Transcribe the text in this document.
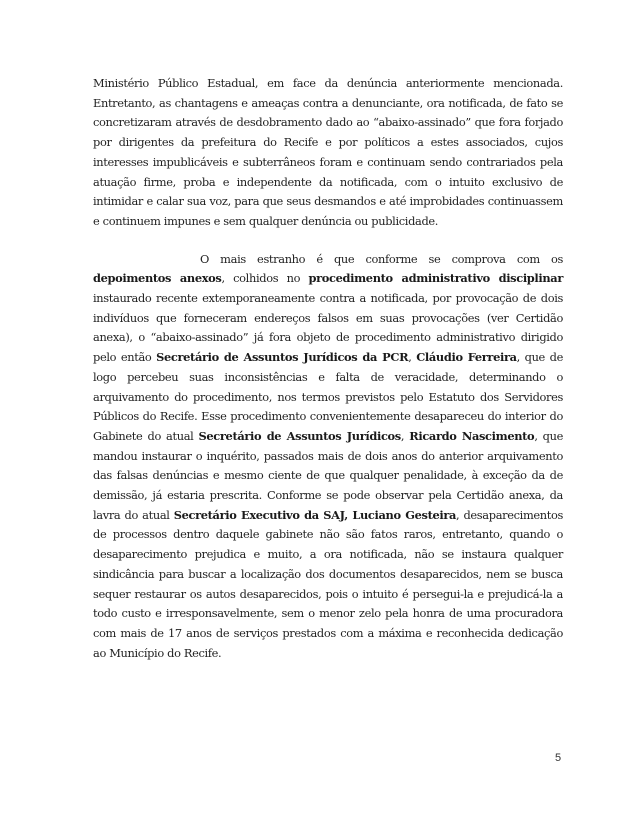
Ministério Público Estadual, em face da denúncia anteriormente mencionada. Entretanto, as chantagens e ameaças contra a denunciante, ora notificada, de fato se concretizaram através de desdobramento dado ao “abaixo-assinado” que fora forjado por dirigentes da prefeitura do Recife e por políticos a estes associados, cujos interesses impublicáveis e subterrâneos foram e continuam sendo contrariados pela atuação firme, proba e independente da notificada, com o intuito exclusivo de intimidar e calar sua voz, para que seus desmandos e até improbidades continuassem e continuem impunes e sem qualquer denúncia ou publicidade.

O mais estranho é que conforme se comprova com os depoimentos anexos, colhidos no procedimento administrativo disciplinar instaurado recente extemporaneamente contra a notificada, por provocação de dois indivíduos que forneceram endereços falsos em suas provocações (ver Certidão anexa), o “abaixo-assinado” já fora objeto de procedimento administrativo dirigido pelo então Secretário de Assuntos Jurídicos da PCR, Cláudio Ferreira, que de logo percebeu suas inconsistências e falta de veracidade, determinando o arquivamento do procedimento, nos termos previstos pelo Estatuto dos Servidores Públicos do Recife. Esse procedimento convenientemente desapareceu do interior do Gabinete do atual Secretário de Assuntos Jurídicos, Ricardo Nascimento, que mandou instaurar o inquérito, passados mais de dois anos do anterior arquivamento das falsas denúncias e mesmo ciente de que qualquer penalidade, à exceção da de demissão, já estaria prescrita. Conforme se pode observar pela Certidão anexa, da lavra do atual Secretário Executivo da SAJ, Luciano Gesteira, desaparecimentos de processos dentro daquele gabinete não são fatos raros, entretanto, quando o desaparecimento prejudica e muito, a ora notificada, não se instaura qualquer sindicância para buscar a localização dos documentos desaparecidos, nem se busca sequer restaurar os autos desaparecidos, pois o intuito é persegui-la e prejudicá-la a todo custo e irresponsavelmente, sem o menor zelo pela honra de uma procuradora com mais de 17 anos de serviços prestados com a máxima e reconhecida dedicação ao Município do Recife.

5
